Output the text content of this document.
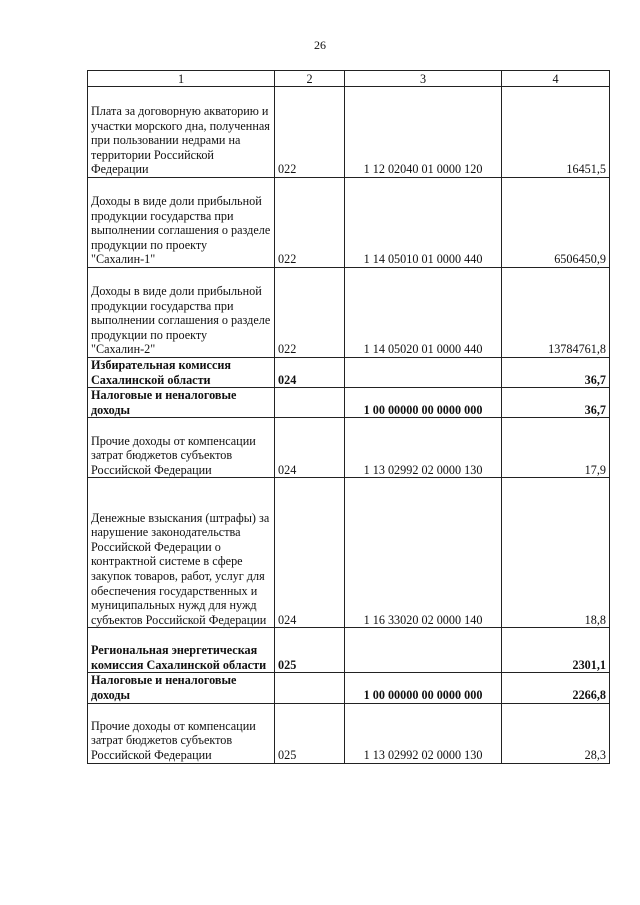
26
1	2	3	4
Плата за договорную акваторию и участки морского дна, полученная при пользовании недрами на территории Российской Федерации	022	1 12 02040 01 0000 120	16451,5
Доходы в виде доли прибыльной продукции государства при выполнении соглашения о разделе продукции по проекту "Сахалин-1"	022	1 14 05010 01 0000 440	6506450,9
Доходы в виде доли прибыльной продукции государства при выполнении соглашения о разделе продукции по проекту "Сахалин-2"	022	1 14 05020 01 0000 440	13784761,8
Избирательная комиссия Сахалинской области	024		36,7
Налоговые и неналоговые доходы		1 00 00000 00 0000 000	36,7
Прочие доходы от компенсации затрат бюджетов субъектов Российской Федерации	024	1 13 02992 02 0000 130	17,9
Денежные взыскания (штрафы) за нарушение законодательства Российской Федерации о контрактной системе в сфере закупок товаров, работ, услуг для обеспечения государственных и муниципальных нужд для нужд субъектов Российской Федерации	024	1 16 33020 02 0000 140	18,8
Региональная энергетическая комиссия Сахалинской области	025		2301,1
Налоговые и неналоговые доходы		1 00 00000 00 0000 000	2266,8
Прочие доходы от компенсации затрат бюджетов субъектов Российской Федерации	025	1 13 02992 02 0000 130	28,3
